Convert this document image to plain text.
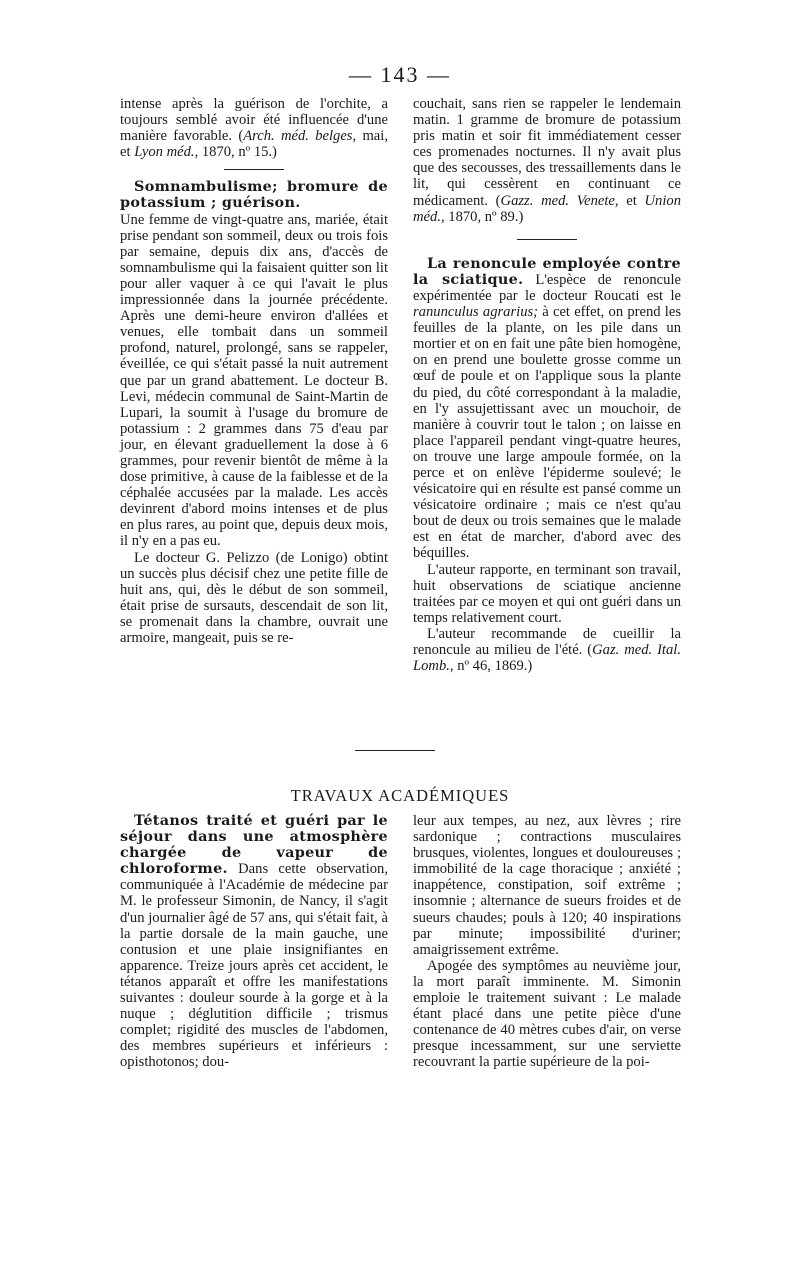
— 143 —

intense après la guérison de l'orchite, a toujours semblé avoir été influencée d'une manière favorable. (Arch. méd. belges, mai, et Lyon méd., 1870, nº 15.)

Somnambulisme; bromure de potassium ; guérison.

Une femme de vingt-quatre ans, mariée, était prise pendant son sommeil, deux ou trois fois par semaine, depuis dix ans, d'accès de somnambulisme qui la faisaient quitter son lit pour aller vaquer à ce qui l'avait le plus impressionnée dans la journée précédente. Après une demi-heure environ d'allées et venues, elle tombait dans un sommeil profond, naturel, prolongé, sans se rappeler, éveillée, ce qui s'était passé la nuit autrement que par un grand abattement. Le docteur B. Levi, médecin communal de Saint-Martin de Lupari, la soumit à l'usage du bromure de potassium : 2 grammes dans 75 d'eau par jour, en élevant graduellement la dose à 6 grammes, pour revenir bientôt de même à la dose primitive, à cause de la faiblesse et de la céphalée accusées par la malade. Les accès devinrent d'abord moins intenses et de plus en plus rares, au point que, depuis deux mois, il n'y en a pas eu.

Le docteur G. Pelizzo (de Lonigo) obtint un succès plus décisif chez une petite fille de huit ans, qui, dès le début de son sommeil, était prise de sursauts, descendait de son lit, se promenait dans la chambre, ouvrait une armoire, mangeait, puis se re-

couchait, sans rien se rappeler le lendemain matin. 1 gramme de bromure de potassium pris matin et soir fit immédiatement cesser ces promenades nocturnes. Il n'y avait plus que des secousses, des tressaillements dans le lit, qui cessèrent en continuant ce médicament. (Gazz. med. Venete, et Union méd., 1870, nº 89.)

La renoncule employée contre la sciatique. L'espèce de renoncule expérimentée par le docteur Roucati est le ranunculus agrarius; à cet effet, on prend les feuilles de la plante, on les pile dans un mortier et on en fait une pâte bien homogène, on en prend une boulette grosse comme un œuf de poule et on l'applique sous la plante du pied, du côté correspondant à la maladie, en l'y assujettissant avec un mouchoir, de manière à couvrir tout le talon ; on laisse en place l'appareil pendant vingt-quatre heures, on trouve une large ampoule formée, on la perce et on enlève l'épiderme soulevé; le vésicatoire qui en résulte est pansé comme un vésicatoire ordinaire ; mais ce n'est qu'au bout de deux ou trois semaines que le malade est en état de marcher, d'abord avec des béquilles.

L'auteur rapporte, en terminant son travail, huit observations de sciatique ancienne traitées par ce moyen et qui ont guéri dans un temps relativement court.

L'auteur recommande de cueillir la renoncule au milieu de l'été. (Gaz. med. Ital. Lomb., nº 46, 1869.)

TRAVAUX ACADÉMIQUES

Tétanos traité et guéri par le séjour dans une atmosphère chargée de vapeur de chloroforme. Dans cette observation, communiquée à l'Académie de médecine par M. le professeur Simonin, de Nancy, il s'agit d'un journalier âgé de 57 ans, qui s'était fait, à la partie dorsale de la main gauche, une contusion et une plaie insignifiantes en apparence. Treize jours après cet accident, le tétanos apparaît et offre les manifestations suivantes : douleur sourde à la gorge et à la nuque ; déglutition difficile ; trismus complet; rigidité des muscles de l'abdomen, des membres supérieurs et inférieurs : opisthotonos; dou-

leur aux tempes, au nez, aux lèvres ; rire sardonique ; contractions musculaires brusques, violentes, longues et douloureuses ; immobilité de la cage thoracique ; anxiété ; inappétence, constipation, soif extrême ; insomnie ; alternance de sueurs froides et de sueurs chaudes; pouls à 120; 40 inspirations par minute; impossibilité d'uriner; amaigrissement extrême.

Apogée des symptômes au neuvième jour, la mort paraît imminente. M. Simonin emploie le traitement suivant : Le malade étant placé dans une petite pièce d'une contenance de 40 mètres cubes d'air, on verse presque incessamment, sur une serviette recouvrant la partie supérieure de la poi-
